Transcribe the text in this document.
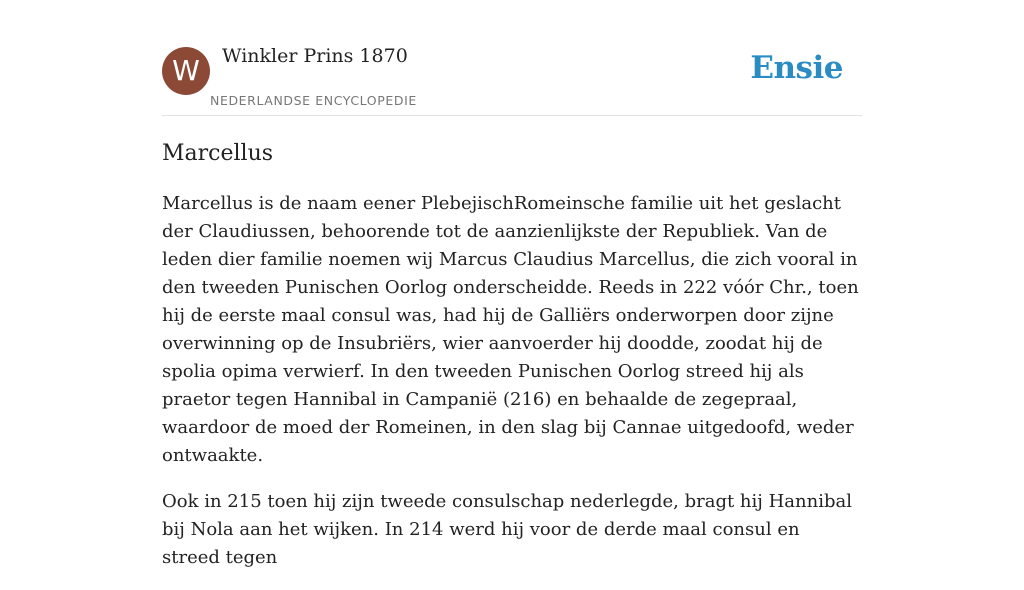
W	Winkler Prins 1870
NEDERLANDSE ENCYCLOPEDIE
Ensie
Marcellus

Marcellus is de naam eener PlebejischRomeinsche familie uit het geslacht der Claudiussen, behoorende tot de aanzienlijkste der Republiek. Van de leden dier familie noemen wij Marcus Claudius Marcellus, die zich vooral in den tweeden Punischen Oorlog onderscheidde. Reeds in 222 vóór Chr., toen hij de eerste maal consul was, had hij de Galliërs onderworpen door zijne overwinning op de Insubriërs, wier aanvoerder hij doodde, zoodat hij de spolia opima verwierf. In den tweeden Punischen Oorlog streed hij als praetor tegen Hannibal in Campanië (216) en behaalde de zegepraal, waardoor de moed der Romeinen, in den slag bij Cannae uitgedoofd, weder ontwaakte.

Ook in 215 toen hij zijn tweede consulschap nederlegde, bragt hij Hannibal bij Nola aan het wijken. In 214 werd hij voor de derde maal consul en streed tegen
